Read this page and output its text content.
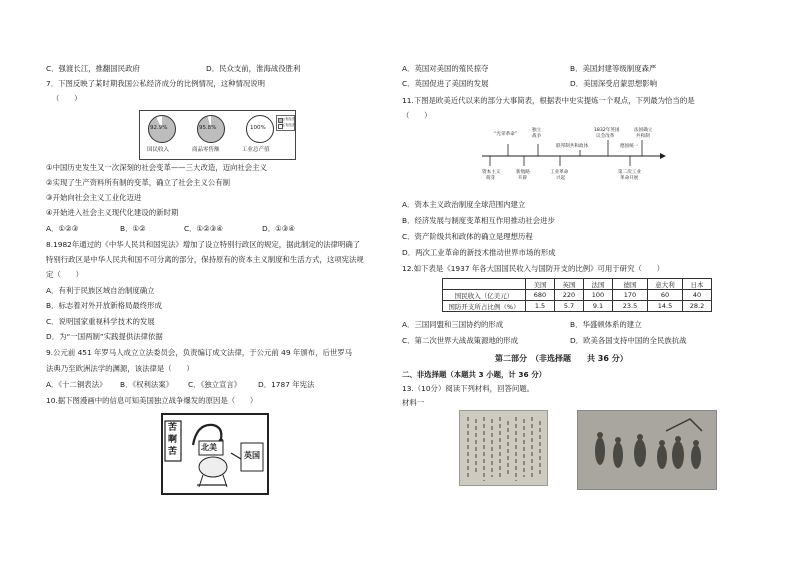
C．强渡长江，推翻国民政府	D．民众支前，淮海战役胜利
7．下图反映了某时期我国公私经济成分的比例情况，这种情况说明
（　　）
92.9%	95.8%	100%
国民收入	商品零售额	工业总产值
公有经济
私有经济
①中国历史发生又一次深刻的社会变革——三大改造，迈向社会主义
②实现了生产资料所有制的变革，确立了社会主义公有制
③开始向社会主义工业化迈进
④开始进入社会主义现代化建设的新时期
A．①②③	B．①②	C．①②③④	D．①③④
8.1982年通过的《中华人民共和国宪法》增加了设立特别行政区的规定，据此制定的法律明确了
特别行政区是中华人民共和国不可分离的部分，保持原有的资本主义制度和生活方式，这项宪法规
定（　　）
A．有利于民族区域自治制度确立
B．标志着对外开放新格局最终形成
C．说明国家重视科学技术的发展
D．为“一国两制”实践提供法律依据
9.公元前 451 年罗马人成立立法委员会，负责编订成文法律，于公元前 49 年颁布，后世罗马
法典乃至欧洲法学的渊源，该法律是（　　）
A．《十二铜表法》 B．《权利法案》 C．《独立宣言》 D．1787 年宪法
10.据下图漫画中的信息可知美国独立战争爆发的原因是（　　）
苦
啊
苦	北美
英国
A．英国对美国的殖民掠夺	B．美国封建等级制度森严
C．英国促进了美国的发展	D．美国深受启蒙思想影响
11.下图是欧美近代以来的部分大事简表，根据表中史实提炼一个观点，下列最为恰当的是
（　　）
“光荣革命”
独立
战争
联邦制共和政体
1832年英国
议会改革
法国确立
共和制
德国统一
资本主义
萌芽
新航路
开辟
工业革命
兴起
第二次工业
革命开展
A．资本主义政治制度全球范围内建立
B．经济发展与制度变革相互作用推动社会进步
C．资产阶级共和政体的确立是理想历程
D．两次工业革命的新技术推动世界市场的形成
12.如下表是《1937 年各大国国民收入与国防开支的比例》可用于研究（　　）
	美国	英国	法国	德国	意大利	日本
国民收入（亿美元）	680	220	100	170	60	40
国防开支所占比例（%）	1.5	5.7	9.1	23.5	14.5	28.2
A．三国同盟和三国协约的形成	B．华盛顿体系的建立
C．第二次世界大战战策源地的形成	D．欧美各国支持中国的全民族抗战
第二部分　（非选择题　　共 36 分）
二、非选择题（本题共 3 小题，计 36 分）
13.（10分）阅读下列材料，回答问题。
材料一
